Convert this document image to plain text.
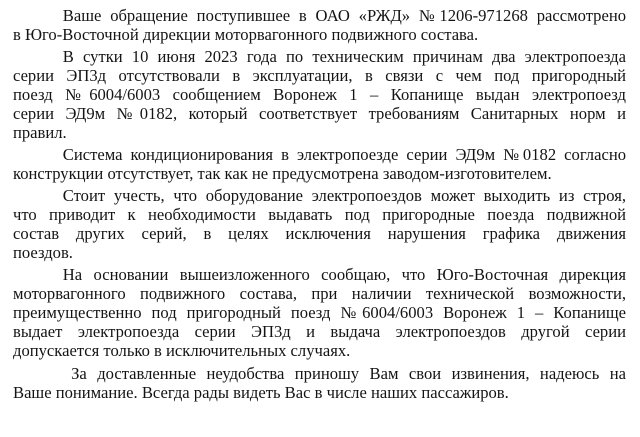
Ваше обращение поступившее в ОАО «РЖД» №1206-971268 рассмотрено
в Юго-Восточной дирекции моторвагонного подвижного состава.
В сутки 10 июня 2023 года по техническим причинам два электропоезда
серии ЭП3д отсутствовали в эксплуатации, в связи с чем под пригородный
поезд №6004/6003 сообщением Воронеж 1 – Копанище выдан электропоезд
серии ЭД9м №0182, который соответствует требованиям Санитарных норм и
правил.
Система кондиционирования в электропоезде серии ЭД9м №0182 согласно
конструкции отсутствует, так как не предусмотрена заводом-изготовителем.
Стоит учесть, что оборудование электропоездов может выходить из строя,
что приводит к необходимости выдавать под пригородные поезда подвижной
состав других серий, в целях исключения нарушения графика движения
поездов.
На основании вышеизложенного сообщаю, что Юго-Восточная дирекция
моторвагонного подвижного состава, при наличии технической возможности,
преимущественно под пригородный поезд №6004/6003 Воронеж 1 – Копанище
выдает электропоезда серии ЭП3д и выдача электропоездов другой серии
допускается только в исключительных случаях.
За доставленные неудобства приношу Вам свои извинения, надеюсь на
Ваше понимание. Всегда рады видеть Вас в числе наших пассажиров.
